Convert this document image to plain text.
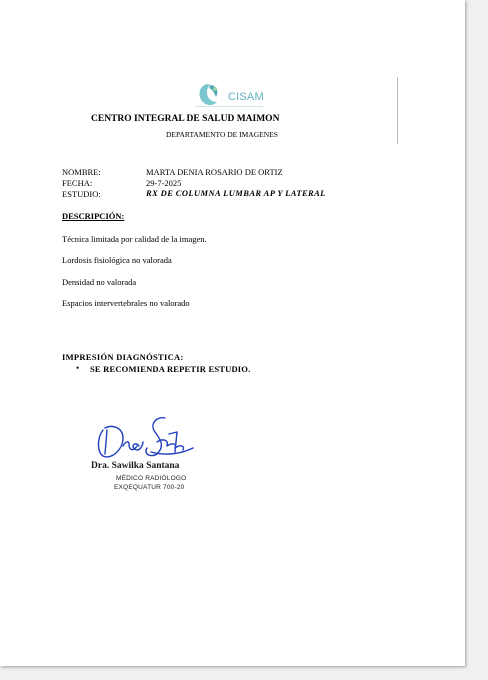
CISAM
CENTRO INTEGRAL DE SALUD MAIMON
DEPARTAMENTO DE IMAGENES
NOMBRE:	MARTA DENIA ROSARIO DE ORTIZ
FECHA:	29-7-2025
ESTUDIO:	RX DE COLUMNA LUMBAR AP Y LATERAL
DESCRIPCIÓN:
Técnica limitada por calidad de la imagen.
Lordosis fisiológica no valorada
Densidad no valorada
Espacios intervertebrales no valorado
IMPRESIÓN DIAGNÓSTICA:
• SE RECOMIENDA REPETIR ESTUDIO.
Dra. Sawilka Santana
MÉDICO RADIÓLOGO
EXQEQUATUR 700-20
